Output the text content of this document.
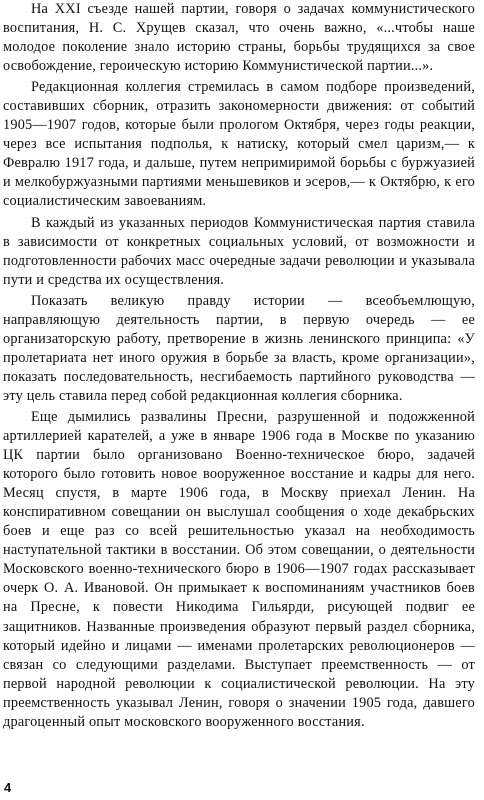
На XXI съезде нашей партии, говоря о задачах коммунистического воспитания, Н. С. Хрущев сказал, что очень важно, «...чтобы наше молодое поколение знало историю страны, борьбы трудящихся за свое освобождение, героическую историю Коммунистической партии...».

Редакционная коллегия стремилась в самом подборе произведений, составивших сборник, отразить закономерности движения: от событий 1905—1907 годов, которые были прологом Октября, через годы реакции, через все испытания подполья, к натиску, который смел царизм,— к Февралю 1917 года, и дальше, путем непримиримой борьбы с буржуазией и мелкобуржуазными партиями меньшевиков и эсеров,— к Октябрю, к его социалистическим завоеваниям.

В каждый из указанных периодов Коммунистическая партия ставила в зависимости от конкретных социальных условий, от возможности и подготовленности рабочих масс очередные задачи революции и указывала пути и средства их осуществления.

Показать великую правду истории — всеобъемлющую, направляющую деятельность партии, в первую очередь — ее организаторскую работу, претворение в жизнь ленинского принципа: «У пролетариата нет иного оружия в борьбе за власть, кроме организации», показать последовательность, несгибаемость партийного руководства — эту цель ставила перед собой редакционная коллегия сборника.

Еще дымились развалины Пресни, разрушенной и подожженной артиллерией карателей, а уже в январе 1906 года в Москве по указанию ЦК партии было организовано Военно-техническое бюро, задачей которого было готовить новое вооруженное восстание и кадры для него. Месяц спустя, в марте 1906 года, в Москву приехал Ленин. На конспиративном совещании он выслушал сообщения о ходе декабрьских боев и еще раз со всей решительностью указал на необходимость наступательной тактики в восстании. Об этом совещании, о деятельности Московского военно-технического бюро в 1906—1907 годах рассказывает очерк О. А. Ивановой. Он примыкает к воспоминаниям участников боев на Пресне, к повести Никодима Гильярди, рисующей подвиг ее защитников. Названные произведения образуют первый раздел сборника, который идейно и лицами — именами пролетарских революционеров — связан со следующими разделами. Выступает преемственность — от первой народной революции к социалистической революции. На эту преемственность указывал Ленин, говоря о значении 1905 года, давшего драгоценный опыт московского вооруженного восстания.

4
